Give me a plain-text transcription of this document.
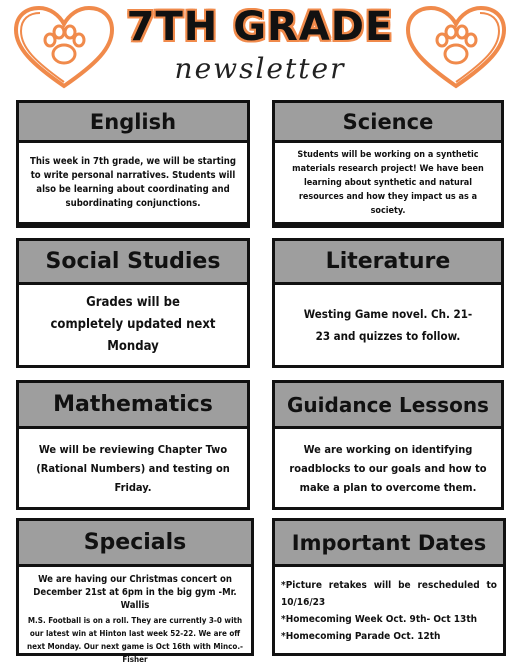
7TH GRADE
newsletter
English
This week in 7th grade, we will be starting to write personal narratives. Students will also be learning about coordinating and subordinating conjunctions.
Science
Students will be working on a synthetic materials research project! We have been learning about synthetic and natural resources and how they impact us as a society.
Social Studies
Grades will be completely updated next Monday
Literature
Westing Game novel. Ch. 21-23 and quizzes to follow.
Mathematics
We will be reviewing Chapter Two (Rational Numbers) and testing on Friday.
Guidance Lessons
We are working on identifying roadblocks to our goals and how to make a plan to overcome them.
Specials
We are having our Christmas concert on December 21st at 6pm in the big gym -Mr. Wallis
M.S. Football is on a roll. They are currently 3-0 with our latest win at Hinton last week 52-22. We are off next Monday. Our next game is Oct 16th with Minco.-Fisher
Important Dates
*Picture retakes will be rescheduled to 10/16/23
*Homecoming Week Oct. 9th- Oct 13th
*Homecoming Parade Oct. 12th
